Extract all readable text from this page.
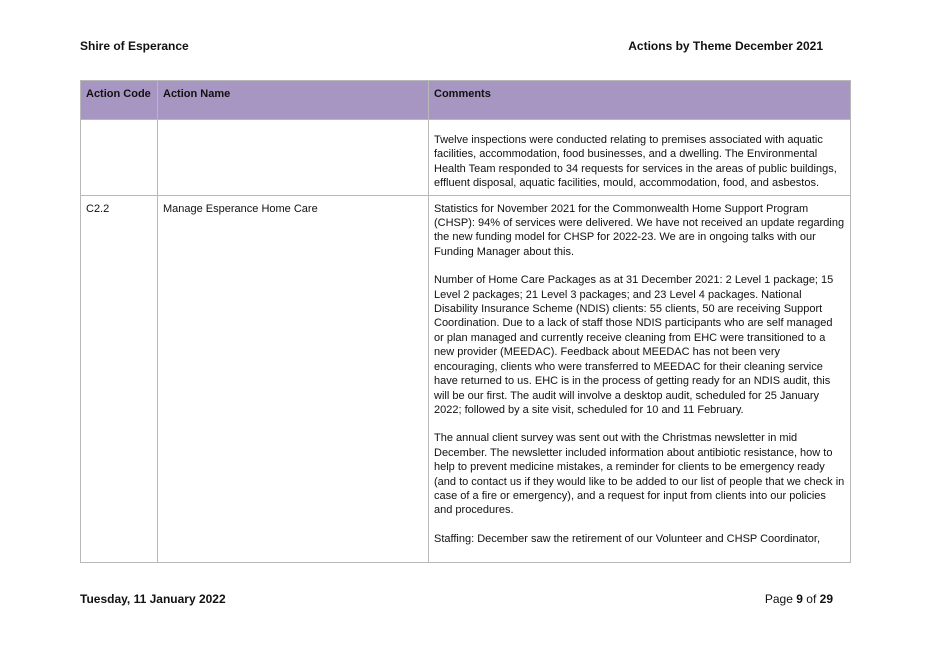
Shire of Esperance	Actions by Theme December 2021
Action Code	Action Name	Comments

		Twelve inspections were conducted relating to premises associated with aquatic facilities, accommodation, food businesses, and a dwelling. The Environmental Health Team responded to 34 requests for services in the areas of public buildings, effluent disposal, aquatic facilities, mould, accommodation, food, and asbestos.

C2.2	Manage Esperance Home Care	Statistics for November 2021 for the Commonwealth Home Support Program (CHSP): 94% of services were delivered. We have not received an update regarding the new funding model for CHSP for 2022-23. We are in ongoing talks with our Funding Manager about this.

Number of Home Care Packages as at 31 December 2021: 2 Level 1 package; 15 Level 2 packages; 21 Level 3 packages; and 23 Level 4 packages. National Disability Insurance Scheme (NDIS) clients: 55 clients, 50 are receiving Support Coordination. Due to a lack of staff those NDIS participants who are self managed or plan managed and currently receive cleaning from EHC were transitioned to a new provider (MEEDAC). Feedback about MEEDAC has not been very encouraging, clients who were transferred to MEEDAC for their cleaning service have returned to us. EHC is in the process of getting ready for an NDIS audit, this will be our first. The audit will involve a desktop audit, scheduled for 25 January 2022; followed by a site visit, scheduled for 10 and 11 February.

The annual client survey was sent out with the Christmas newsletter in mid December. The newsletter included information about antibiotic resistance, how to help to prevent medicine mistakes, a reminder for clients to be emergency ready (and to contact us if they would like to be added to our list of people that we check in case of a fire or emergency), and a request for input from clients into our policies and procedures.

Staffing: December saw the retirement of our Volunteer and CHSP Coordinator,

Tuesday, 11 January 2022	Page 9 of 29
